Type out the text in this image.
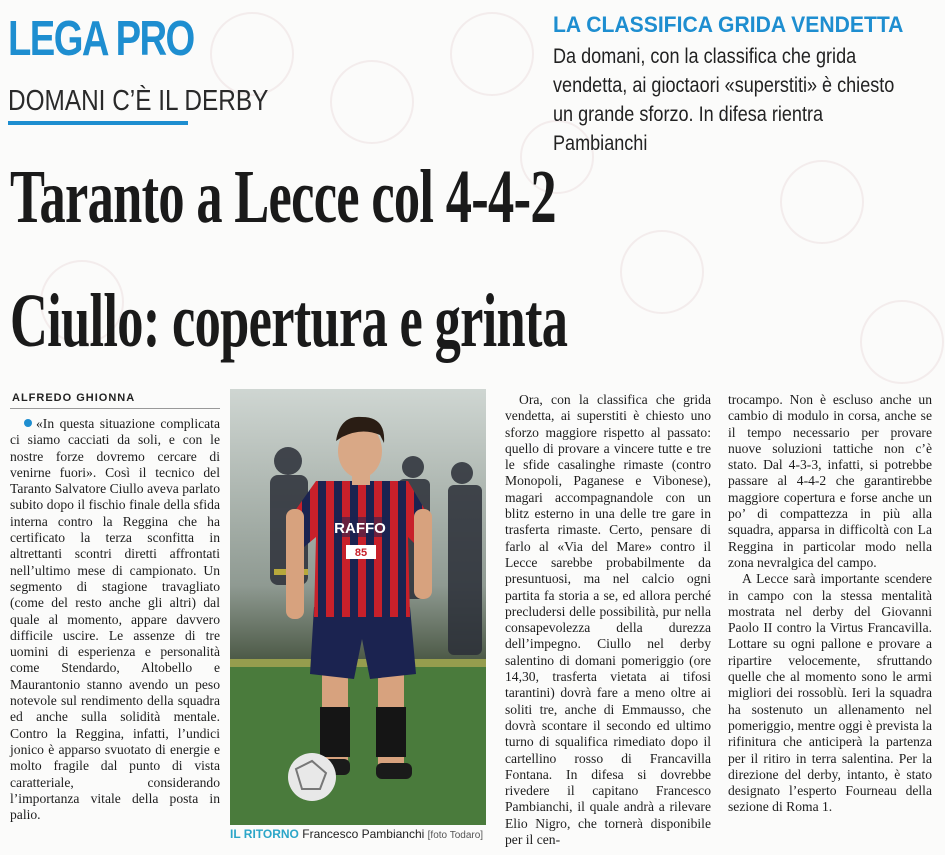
LEGA PRO
DOMANI C’È IL DERBY
LA CLASSIFICA GRIDA VENDETTA
Da domani, con la classifica che grida vendetta, ai gioctaori «superstiti» è chiesto un grande sforzo. In difesa rientra Pambianchi
Taranto a Lecce col 4-4-2
Ciullo: copertura e grinta
ALFREDO GHIONNA

«In questa situazione complicata ci siamo cacciati da soli, e con le nostre forze dovremo cercare di venirne fuori». Così il tecnico del Taranto Salvatore Ciullo aveva parlato subito dopo il fischio finale della sfida interna contro la Reggina che ha certificato la terza sconfitta in altrettanti scontri diretti affrontati nell’ultimo mese di campionato. Un segmento di stagione travagliato (come del resto anche gli altri) dal quale al momento, appare davvero difficile uscire. Le assenze di tre uomini di esperienza e personalità come Stendardo, Altobello e Maurantonio stanno avendo un peso notevole sul rendimento della squadra ed anche sulla solidità mentale. Contro la Reggina, infatti, l’undici jonico è apparso svuotato di energie e molto fragile dal punto di vista caratteriale, considerando l’importanza vitale della posta in palio.

RAFFO
85
IL RITORNO Francesco Pambianchi [foto Todaro]

Ora, con la classifica che grida vendetta, ai superstiti è chiesto uno sforzo maggiore rispetto al passato: quello di provare a vincere tutte e tre le sfide casalinghe rimaste (contro Monopoli, Paganese e Vibonese), magari accompagnandole con un blitz esterno in una delle tre gare in trasferta rimaste. Certo, pensare di farlo al «Via del Mare» contro il Lecce sarebbe probabilmente da presuntuosi, ma nel calcio ogni partita fa storia a se, ed allora perché precludersi delle possibilità, pur nella consapevolezza della durezza dell’impegno. Ciullo nel derby salentino di domani pomeriggio (ore 14,30, trasferta vietata ai tifosi tarantini) dovrà fare a meno oltre ai soliti tre, anche di Emmausso, che dovrà scontare il secondo ed ultimo turno di squalifica rimediato dopo il cartellino rosso di Francavilla Fontana. In difesa si dovrebbe rivedere il capitano Francesco Pambianchi, il quale andrà a rilevare Elio Nigro, che tornerà disponibile per il cen-

trocampo. Non è escluso anche un cambio di modulo in corsa, anche se il tempo necessario per provare nuove soluzioni tattiche non c’è stato. Dal 4-3-3, infatti, si potrebbe passare al 4-4-2 che garantirebbe maggiore copertura e forse anche un po’ di compattezza in più alla squadra, apparsa in difficoltà con La Reggina in particolar modo nella zona nevralgica del campo.

A Lecce sarà importante scendere in campo con la stessa mentalità mostrata nel derby del Giovanni Paolo II contro la Virtus Francavilla. Lottare su ogni pallone e provare a ripartire velocemente, sfruttando quelle che al momento sono le armi migliori dei rossoblù. Ieri la squadra ha sostenuto un allenamento nel pomeriggio, mentre oggi è prevista la rifinitura che anticiperà la partenza per il ritiro in terra salentina. Per la direzione del derby, intanto, è stato designato l’esperto Fourneau della sezione di Roma 1.
